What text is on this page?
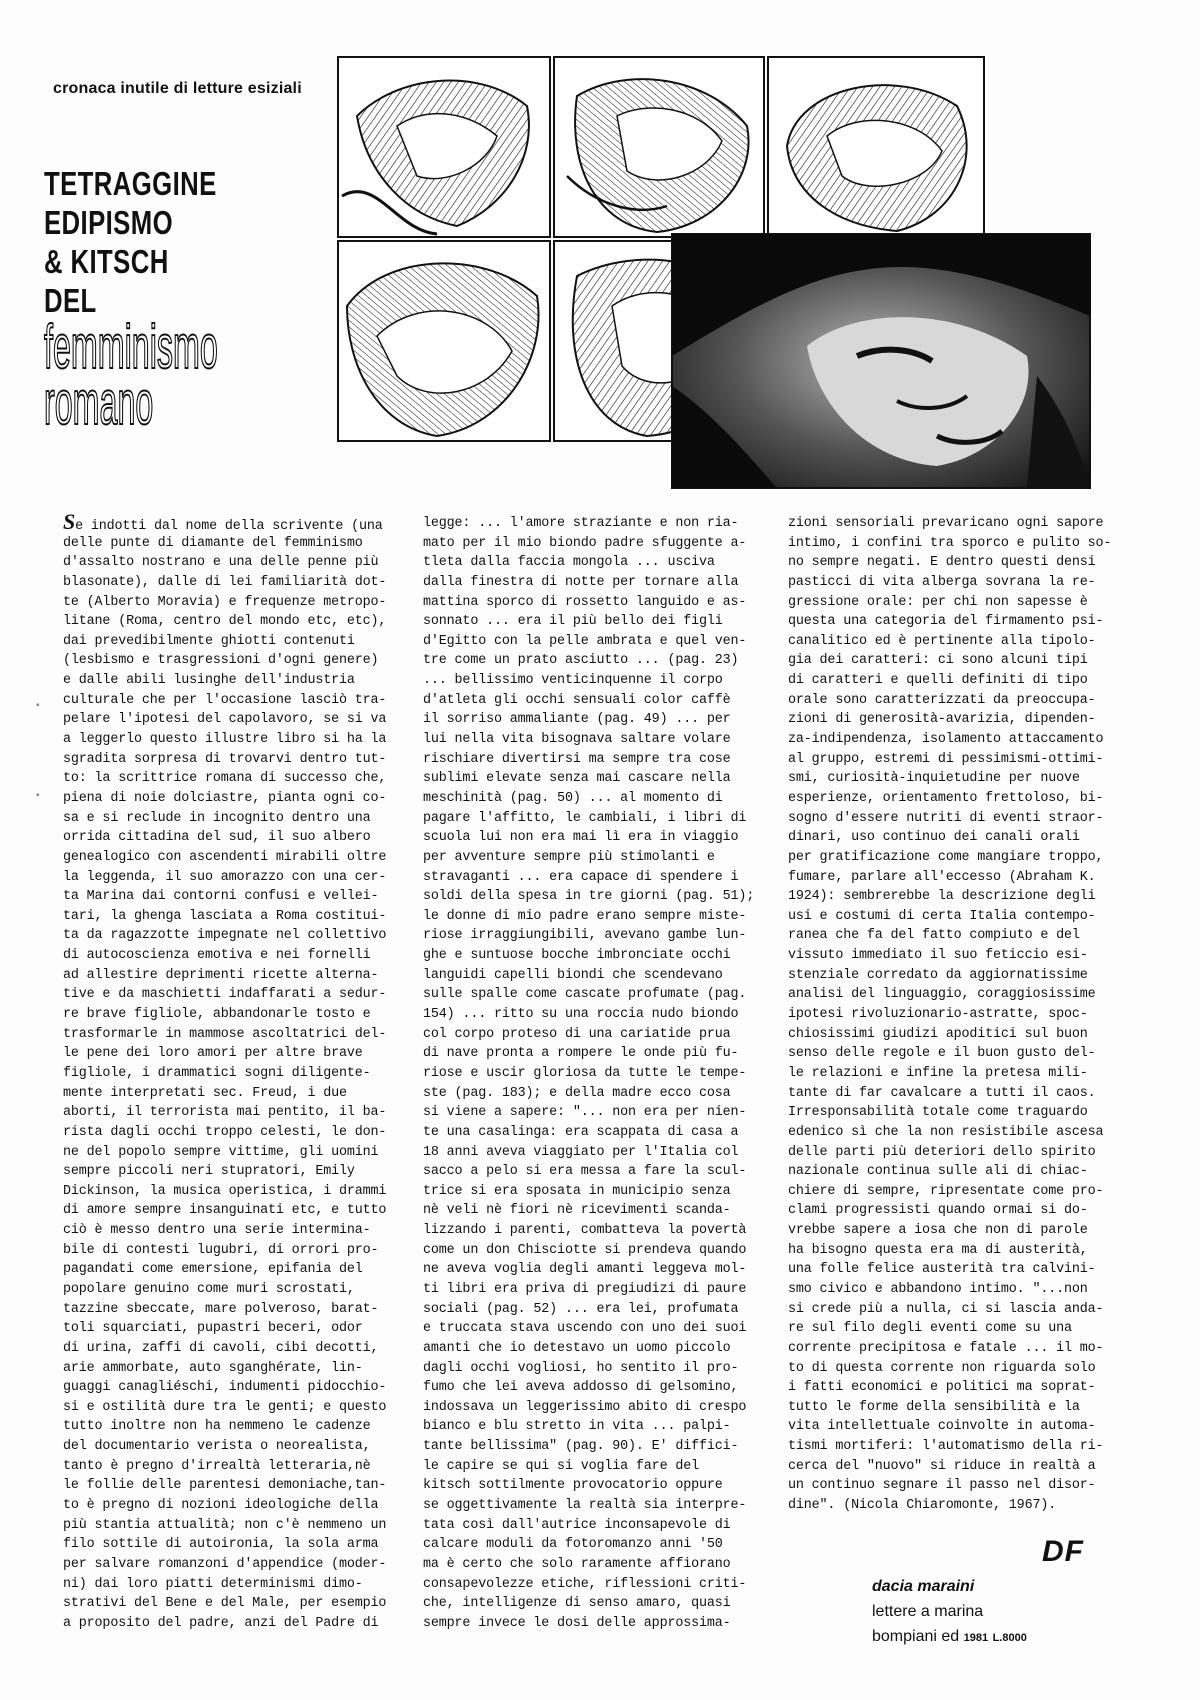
cronaca inutile di letture esiziali
TETRAGGINE
EDIPISMO
& KITSCH
DEL
femminismo
romano
Se indotti dal nome della scrivente (una
delle punte di diamante del femminismo
d'assalto nostrano e una delle penne più
blasonate), dalle di lei familiarità dot-
te (Alberto Moravia) e frequenze metropo-
litane (Roma, centro del mondo etc, etc),
dai prevedibilmente ghiotti contenuti
(lesbismo e trasgressioni d'ogni genere)
e dalle abili lusinghe dell'industria
culturale che per l'occasione lasciò tra-
pelare l'ipotesi del capolavoro, se si va
a leggerlo questo illustre libro si ha la
sgradita sorpresa di trovarvi dentro tut-
to: la scrittrice romana di successo che,
piena di noie dolciastre, pianta ogni co-
sa e si reclude in incognito dentro una
orrida cittadina del sud, il suo albero
genealogico con ascendenti mirabili oltre
la leggenda, il suo amorazzo con una cer-
ta Marina dai contorni confusi e vellei-
tari, la ghenga lasciata a Roma costitui-
ta da ragazzotte impegnate nel collettivo
di autocoscienza emotiva e nei fornelli
ad allestire deprimenti ricette alterna-
tive e da maschietti indaffarati a sedur-
re brave figliole, abbandonarle tosto e
trasformarle in mammose ascoltatrici del-
le pene dei loro amori per altre brave
figliole, i drammatici sogni diligente-
mente interpretati sec. Freud, i due
aborti, il terrorista mai pentito, il ba-
rista dagli occhi troppo celesti, le don-
ne del popolo sempre vittime, gli uomini
sempre piccoli neri stupratori, Emily
Dickinson, la musica operistica, i drammi
di amore sempre insanguinati etc, e tutto
ciò è messo dentro una serie intermina-
bile di contesti lugubri, di orrori pro-
pagandati come emersione, epifania del
popolare genuino come muri scrostati,
tazzine sbeccate, mare polveroso, barat-
toli squarciati, pupastri beceri, odor
di urina, zaffi di cavoli, cibi decotti,
arie ammorbate, auto sganghérate, lin-
guaggi canagliéschi, indumenti pidocchio-
si e ostilità dure tra le genti; e questo
tutto inoltre non ha nemmeno le cadenze
del documentario verista o neorealista,
tanto è pregno d'irrealtà letteraria,nè
le follie delle parentesi demoniache,tan-
to è pregno di nozioni ideologiche della
più stantia attualità; non c'è nemmeno un
filo sottile di autoironia, la sola arma
per salvare romanzoni d'appendice (moder-
ni) dai loro piatti determinismi dimo-
strativi del Bene e del Male, per esempio
a proposito del padre, anzi del Padre di
legge: ... l'amore straziante e non ria-
mato per il mio biondo padre sfuggente a-
tleta dalla faccia mongola ... usciva
dalla finestra di notte per tornare alla
mattina sporco di rossetto languido e as-
sonnato ... era il più bello dei figli
d'Egitto con la pelle ambrata e quel ven-
tre come un prato asciutto ... (pag. 23)
... bellissimo venticinquenne il corpo
d'atleta gli occhi sensuali color caffè
il sorriso ammaliante (pag. 49) ... per
lui nella vita bisognava saltare volare
rischiare divertirsi ma sempre tra cose
sublimi elevate senza mai cascare nella
meschinità (pag. 50) ... al momento di
pagare l'affitto, le cambiali, i libri di
scuola lui non era mai lì era in viaggio
per avventure sempre più stimolanti e
stravaganti ... era capace di spendere i
soldi della spesa in tre giorni (pag. 51);
le donne di mio padre erano sempre miste-
riose irraggiungibili, avevano gambe lun-
ghe e suntuose bocche imbronciate occhi
languidi capelli biondi che scendevano
sulle spalle come cascate profumate (pag.
154) ... ritto su una roccia nudo biondo
col corpo proteso di una cariatide prua
di nave pronta a rompere le onde più fu-
riose e uscir gloriosa da tutte le tempe-
ste (pag. 183); e della madre ecco cosa
si viene a sapere: "... non era per nien-
te una casalinga: era scappata di casa a
18 anni aveva viaggiato per l'Italia col
sacco a pelo si era messa a fare la scul-
trice si era sposata in municipio senza
nè veli nè fiori nè ricevimenti scanda-
lizzando i parenti, combatteva la povertà
come un don Chisciotte si prendeva quando
ne aveva voglia degli amanti leggeva mol-
ti libri era priva di pregiudizi di paure
sociali (pag. 52) ... era lei, profumata
e truccata stava uscendo con uno dei suoi
amanti che io detestavo un uomo piccolo
dagli occhi vogliosi, ho sentito il pro-
fumo che lei aveva addosso di gelsomino,
indossava un leggerissimo abito di crespo
bianco e blu stretto in vita ... palpi-
tante bellissima" (pag. 90). E' diffici-
le capire se qui si voglia fare del
kitsch sottilmente provocatorio oppure
se oggettivamente la realtà sia interpre-
tata così dall'autrice inconsapevole di
calcare moduli da fotoromanzo anni '50
ma è certo che solo raramente affiorano
consapevolezze etiche, riflessioni criti-
che, intelligenze di senso amaro, quasi
sempre invece le dosi delle approssima-
zioni sensoriali prevaricano ogni sapore
intimo, i confini tra sporco e pulito so-
no sempre negati. E dentro questi densi
pasticci di vita alberga sovrana la re-
gressione orale: per chi non sapesse è
questa una categoria del firmamento psi-
canalitico ed è pertinente alla tipolo-
gia dei caratteri: ci sono alcuni tipi
di caratteri e quelli definiti di tipo
orale sono caratterizzati da preoccupa-
zioni di generosità-avarizia, dipenden-
za-indipendenza, isolamento attaccamento
al gruppo, estremi di pessimismi-ottimi-
smi, curiosità-inquietudine per nuove
esperienze, orientamento frettoloso, bi-
sogno d'essere nutriti di eventi straor-
dinari, uso continuo dei canali orali
per gratificazione come mangiare troppo,
fumare, parlare all'eccesso (Abraham K.
1924): sembrerebbe la descrizione degli
usi e costumi di certa Italia contempo-
ranea che fa del fatto compiuto e del
vissuto immediato il suo feticcio esi-
stenziale corredato da aggiornatissime
analisi del linguaggio, coraggiosissime
ipotesi rivoluzionario-astratte, spoc-
chiosissimi giudizi apoditici sul buon
senso delle regole e il buon gusto del-
le relazioni e infine la pretesa mili-
tante di far cavalcare a tutti il caos.
Irresponsabilità totale come traguardo
edenico sì che la non resistibile ascesa
delle parti più deteriori dello spirito
nazionale continua sulle ali di chiac-
chiere di sempre, ripresentate come pro-
clami progressisti quando ormai si do-
vrebbe sapere a iosa che non di parole
ha bisogno questa era ma di austerità,
una folle felice austerità tra calvini-
smo civico e abbandono intimo. "...non
si crede più a nulla, ci si lascia anda-
re sul filo degli eventi come su una
corrente precipitosa e fatale ... il mo-
to di questa corrente non riguarda solo
i fatti economici e politici ma soprat-
tutto le forme della sensibilità e la
vita intellettuale coinvolte in automa-
tismi mortiferi: l'automatismo della ri-
cerca del "nuovo" si riduce in realtà a
un continuo segnare il passo nel disor-
dine". (Nicola Chiaromonte, 1967).
DF
dacia maraini
lettere a marina
bompiani ed 1981 L.8000
▪
▪
